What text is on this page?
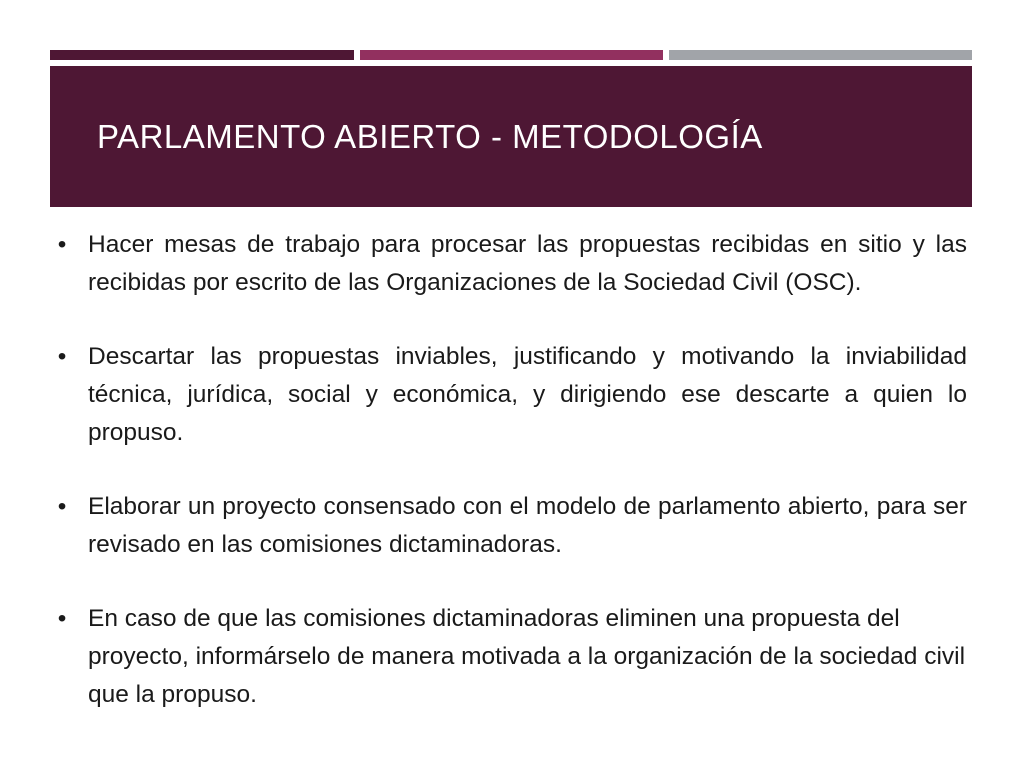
PARLAMENTO ABIERTO - METODOLOGÍA
• Hacer mesas de trabajo para procesar las propuestas recibidas en sitio y las recibidas por escrito de las Organizaciones de la Sociedad Civil (OSC).
• Descartar las propuestas inviables, justificando y motivando la inviabilidad técnica, jurídica, social y económica, y dirigiendo ese descarte a quien lo propuso.
• Elaborar un proyecto consensado con el modelo de parlamento abierto, para ser revisado en las comisiones dictaminadoras.
• En caso de que las comisiones dictaminadoras eliminen una propuesta del proyecto, informárselo de manera motivada a la organización de la sociedad civil que la propuso.
